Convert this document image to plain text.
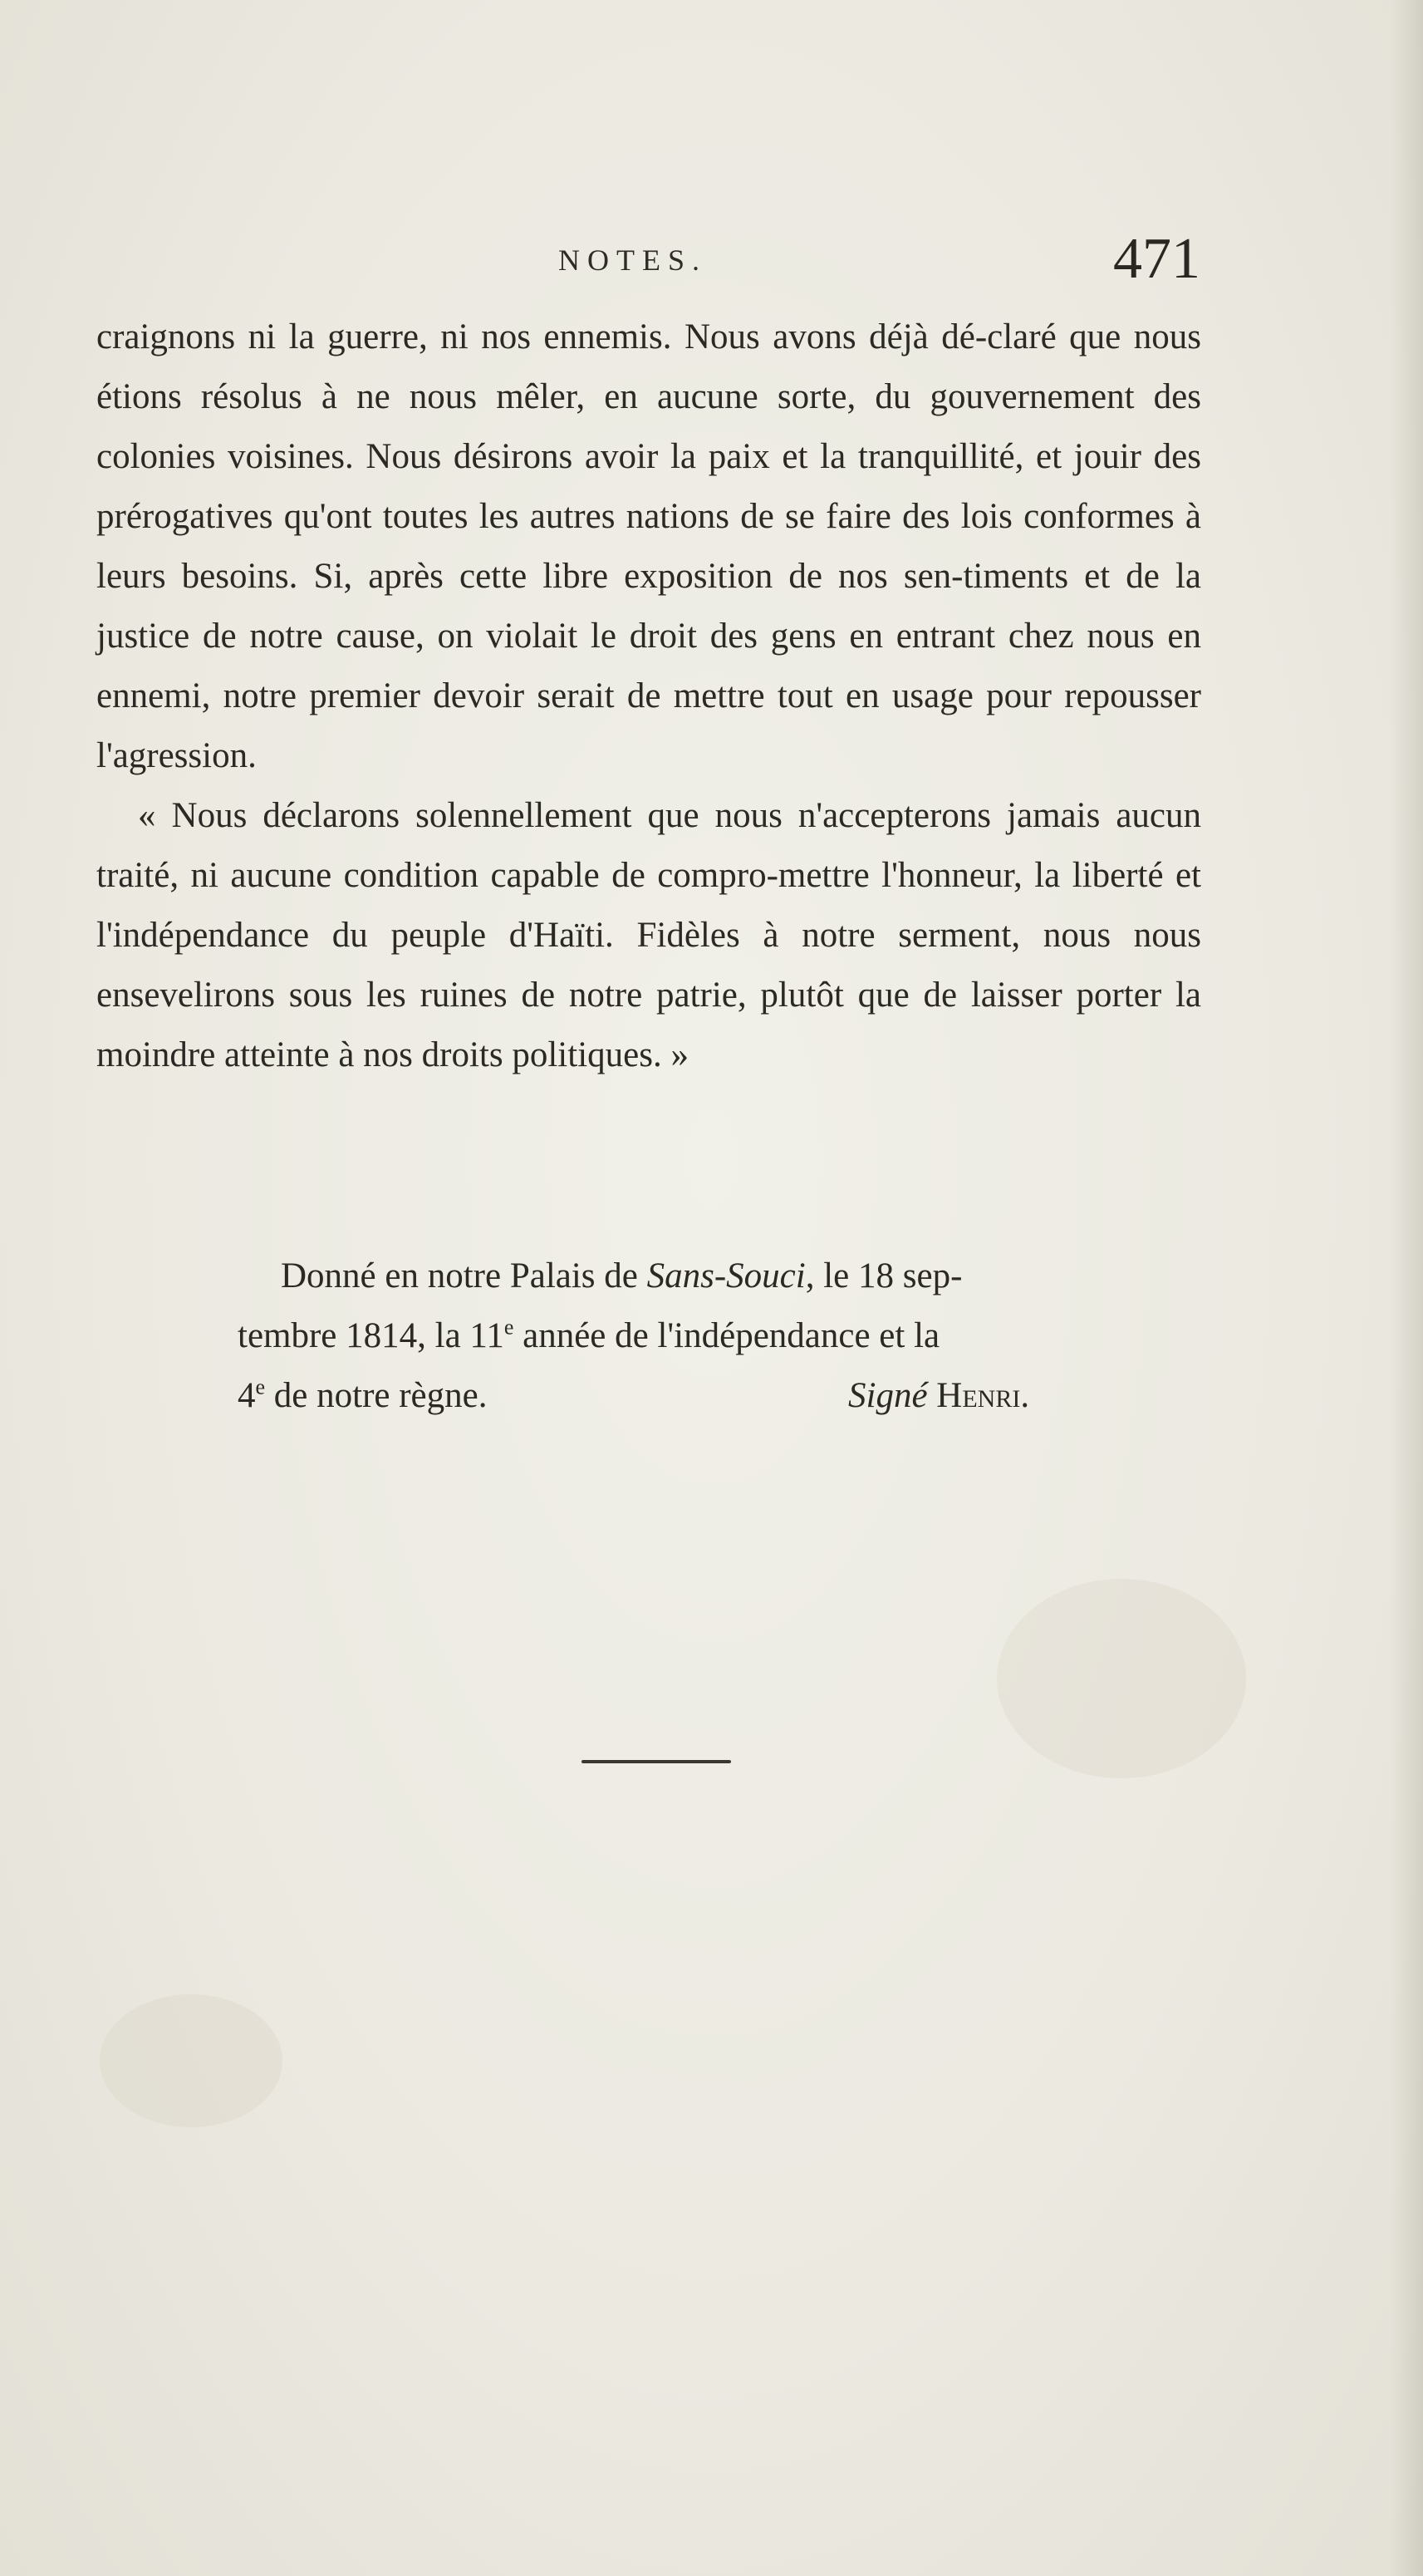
NOTES.	471

craignons ni la guerre, ni nos ennemis. Nous avons déjà dé-claré que nous étions résolus à ne nous mêler, en aucune sorte, du gouvernement des colonies voisines. Nous désirons avoir la paix et la tranquillité, et jouir des prérogatives qu'ont toutes les autres nations de se faire des lois conformes à leurs besoins. Si, après cette libre exposition de nos sen-timents et de la justice de notre cause, on violait le droit des gens en entrant chez nous en ennemi, notre premier devoir serait de mettre tout en usage pour repousser l'agression.

« Nous déclarons solennellement que nous n'accepterons jamais aucun traité, ni aucune condition capable de compro-mettre l'honneur, la liberté et l'indépendance du peuple d'Haïti. Fidèles à notre serment, nous nous ensevelirons sous les ruines de notre patrie, plutôt que de laisser porter la moindre atteinte à nos droits politiques. »

Donné en notre Palais de Sans-Souci, le 18 sep-
tembre 1814, la 11e année de l'indépendance et la
4e de notre règne.	Signé Henri.
